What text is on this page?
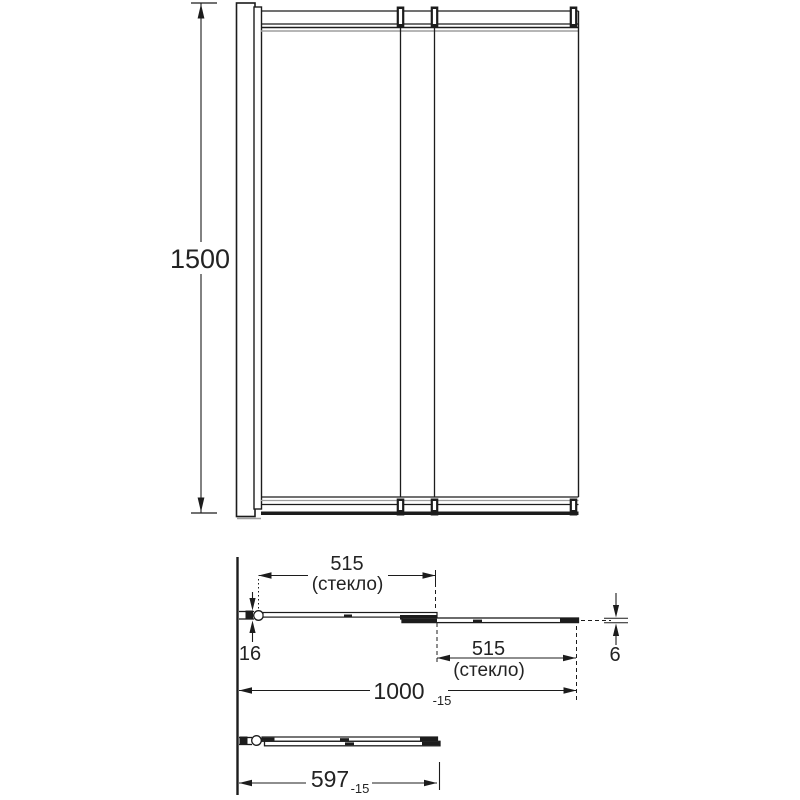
1500
515
(стекло)
16	515
(стекло)
6
1000 -15
597 -15
